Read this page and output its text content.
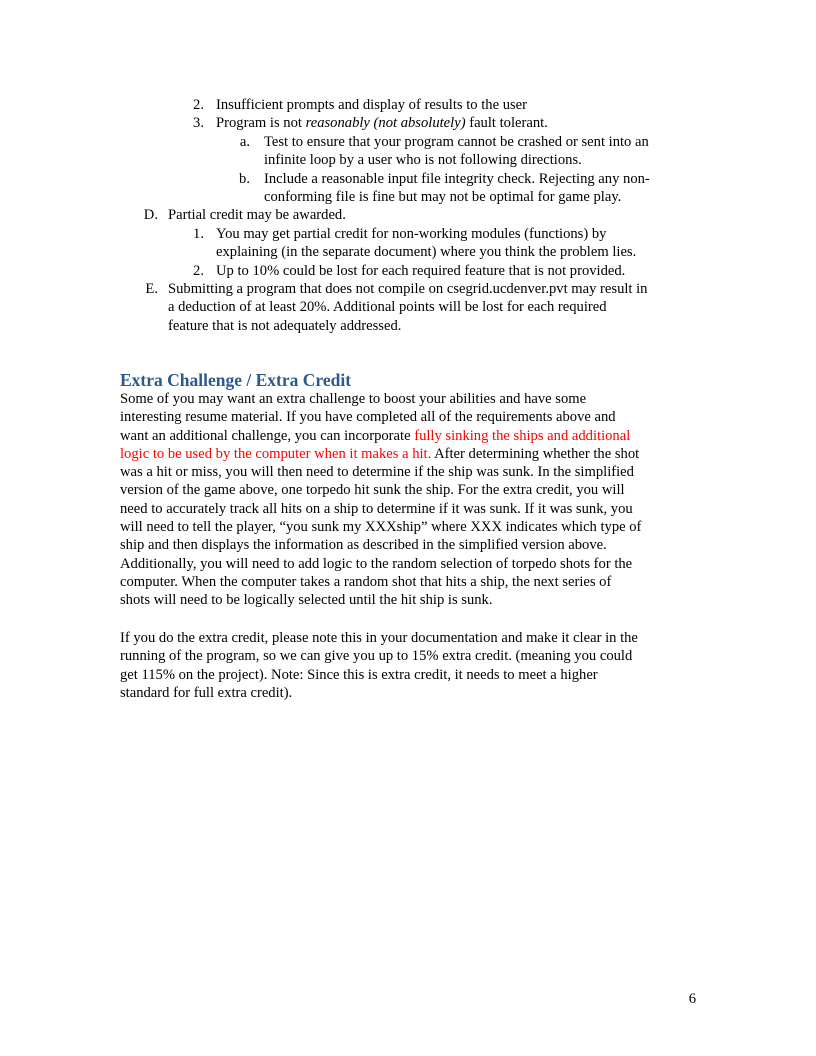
2. Insufficient prompts and display of results to the user
3. Program is not reasonably (not absolutely) fault tolerant.
a. Test to ensure that your program cannot be crashed or sent into an
infinite loop by a user who is not following directions.
b. Include a reasonable input file integrity check. Rejecting any non-
conforming file is fine but may not be optimal for game play.
D. Partial credit may be awarded.
1. You may get partial credit for non-working modules (functions) by
explaining (in the separate document) where you think the problem lies.
2. Up to 10% could be lost for each required feature that is not provided.
E. Submitting a program that does not compile on csegrid.ucdenver.pvt may result in
a deduction of at least 20%. Additional points will be lost for each required
feature that is not adequately addressed.
Extra Challenge / Extra Credit
Some of you may want an extra challenge to boost your abilities and have some
interesting resume material. If you have completed all of the requirements above and
want an additional challenge, you can incorporate fully sinking the ships and additional
logic to be used by the computer when it makes a hit. After determining whether the shot
was a hit or miss, you will then need to determine if the ship was sunk. In the simplified
version of the game above, one torpedo hit sunk the ship. For the extra credit, you will
need to accurately track all hits on a ship to determine if it was sunk. If it was sunk, you
will need to tell the player, “you sunk my XXXship” where XXX indicates which type of
ship and then displays the information as described in the simplified version above.
Additionally, you will need to add logic to the random selection of torpedo shots for the
computer. When the computer takes a random shot that hits a ship, the next series of
shots will need to be logically selected until the hit ship is sunk.
If you do the extra credit, please note this in your documentation and make it clear in the
running of the program, so we can give you up to 15% extra credit. (meaning you could
get 115% on the project). Note: Since this is extra credit, it needs to meet a higher
standard for full extra credit).
6
